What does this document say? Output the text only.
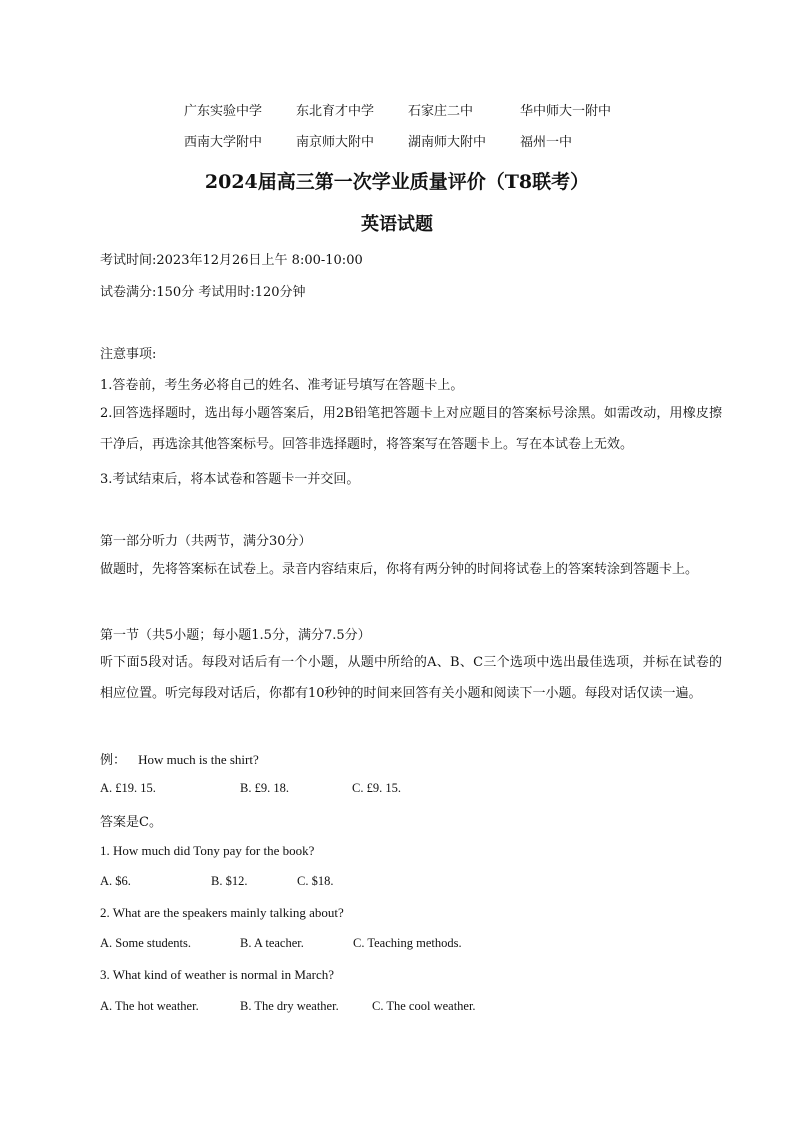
广东实验中学	东北育才中学	石家庄二中	华中师大一附中
西南大学附中	南京师大附中	湖南师大附中	福州一中
2024届高三第一次学业质量评价（T8联考）
英语试题
考试时间:2023年12月26日上午 8:00-10:00
试卷满分:150分 考试用时:120分钟
注意事项:
1.答卷前，考生务必将自己的姓名、准考证号填写在答题卡上。
2.回答选择题时，选出每小题答案后，用2B铅笔把答题卡上对应题目的答案标号涂黑。如需改动，用橡皮擦干净后，再选涂其他答案标号。回答非选择题时，将答案写在答题卡上。写在本试卷上无效。
3.考试结束后，将本试卷和答题卡一并交回。
第一部分听力（共两节，满分30分）
做题时，先将答案标在试卷上。录音内容结束后，你将有两分钟的时间将试卷上的答案转涂到答题卡上。
第一节（共5小题；每小题1.5分，满分7.5分）
听下面5段对话。每段对话后有一个小题，从题中所给的A、B、C三个选项中选出最佳选项，并标在试卷的相应位置。听完每段对话后，你都有10秒钟的时间来回答有关小题和阅读下一小题。每段对话仅读一遍。
例： How much is the shirt?
A. £19. 15.	B. £9. 18.	C. £9. 15.
答案是C。
1. How much did Tony pay for the book?
A. $6.	B. $12.	C. $18.
2. What are the speakers mainly talking about?
A. Some students.	B. A teacher.	C. Teaching methods.
3. What kind of weather is normal in March?
A. The hot weather.	B. The dry weather.	C. The cool weather.
